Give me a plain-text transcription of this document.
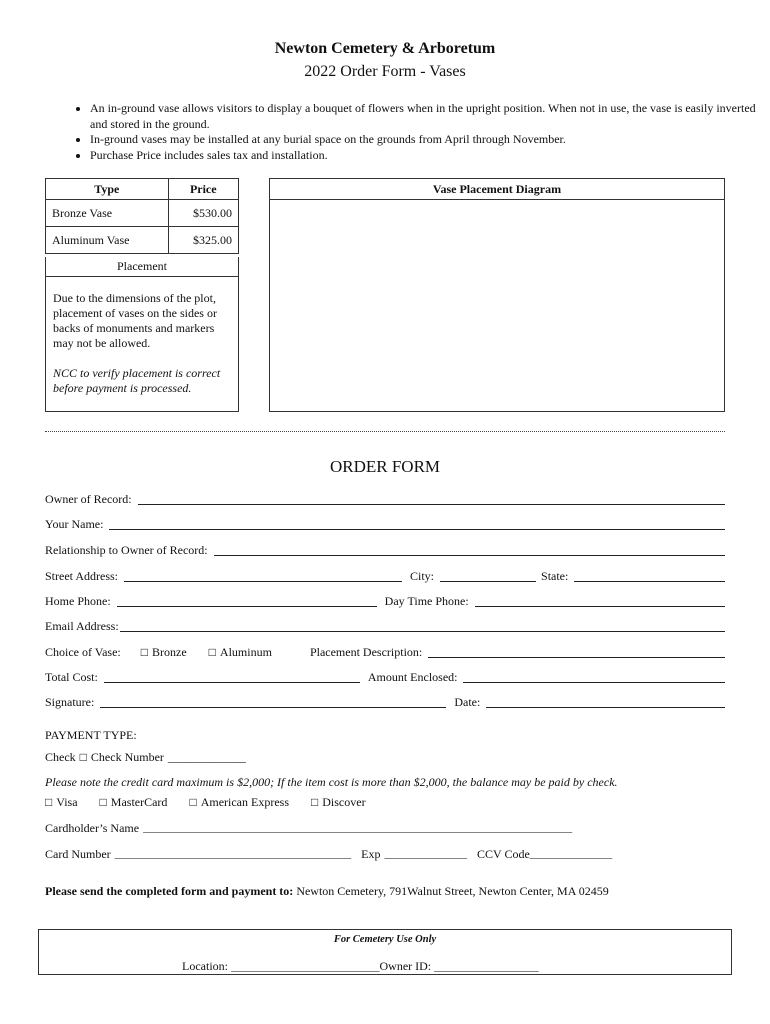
Newton Cemetery & Arboretum
2022 Order Form - Vases
• An in-ground vase allows visitors to display a bouquet of flowers when in the upright position. When not in use, the vase is easily inverted and stored in the ground.
• In-ground vases may be installed at any burial space on the grounds from April through November.
• Purchase Price includes sales tax and installation.
Type	Price
Bronze Vase	$530.00
Aluminum Vase	$325.00
Placement
Due to the dimensions of the plot, placement of vases on the sides or backs of monuments and markers may not be allowed.
NCC to verify placement is correct before payment is processed.
Vase Placement Diagram
ORDER FORM
Owner of Record:
Your Name:
Relationship to Owner of Record:
Street Address:	City:	State:
Home Phone:	Day Time Phone:
Email Address:
Choice of Vase: □ Bronze □ Aluminum	Placement Description:
Total Cost:	Amount Enclosed:
Signature:	Date:
PAYMENT TYPE:
Check □ Check Number _____________
Please note the credit card maximum is $2,000; If the item cost is more than $2,000, the balance may be paid by check.
□ Visa □ MasterCard □ American Express □ Discover
Cardholder’s Name ______________________________________________________________________________
Card Number ___________________________________________ Exp _______________ CCV Code _______________
Please send the completed form and payment to: Newton Cemetery, 791Walnut Street, Newton Center, MA 02459
For Cemetery Use Only
Location: ___________________________Owner ID: ___________________
